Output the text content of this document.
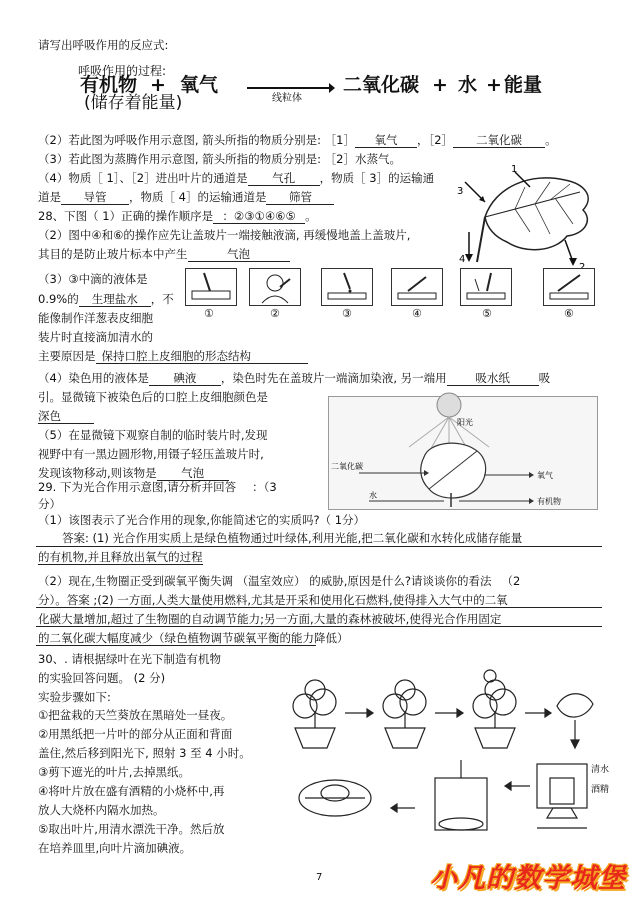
请写出呼吸作用的反应式:
呼吸作用的过程:
有机物 + 氧气
线粒体
二氧化碳 + 水 + 能量
(储存着能量)
（2）若此图为呼吸作用示意图, 箭头所指的物质分别是: ［1］ 氧气 ，［2］ 二氧化碳 。
（3）若此图为蒸腾作用示意图, 箭头所指的物质分别是: ［2］水蒸气。
（4）物质［ 1］、［2］进出叶片的通道是 气孔 ，物质［ 3］的运输通
道是 导管 ，物质［ 4］的运输通道是 筛管	3
1
4
28、下图（ 1）正确的操作顺序是 ：②③①④⑥⑤ 。
（2）图中④和⑥的操作应先让盖玻片一端接触液滴, 再缓慢地盖上盖玻片,
其目的是防止玻片标本中产生	气泡
（3）③中滴的液体是
0.9%的 生理盐水 ，不
能像制作洋葱表皮细胞
装片时直接滴加清水的
主要原因是 保持口腔上皮细胞的形态结构
①	②	③	④	⑤	⑥
（4）染色用的液体是 碘液 ，染色时先在盖玻片一端滴加染液, 另一端用	吸水纸	吸
引。显微镜下被染色后的口腔上皮细胞颜色是
深色
（5）在显微镜下观察自制的临时装片时,发现
视野中有一黑边圆形物,用镊子轻压盖玻片时,
发现该物移动,则该物是 气泡
阳光
二氧化碳
氧气
水
有机物
29. 下为光合作用示意图,请分析并回答 ：（3
分）
（1）该图表示了光合作用的现象,你能简述它的实质吗?（ 1分）
答案: (1) 光合作用实质上是绿色植物通过叶绿体,利用光能,把二氧化碳和水转化成储存能量
的有机物,并且释放出氧气的过程
（2）现在,生物圈正受到碳氧平衡失调 （温室效应） 的威胁,原因是什么?请谈谈你的看法 （2
分）。答案 ;(2) 一方面,人类大量使用燃料,尤其是开采和使用化石燃料,使得排入大气中的二氧
化碳大量增加,超过了生物圈的自动调节能力;另一方面,大量的森林被破坏,使得光合作用固定
的二氧化碳大幅度减少（绿色植物调节碳氧平衡的能力降低）
30、. 请根据绿叶在光下制造有机物
的实验回答问题。 (2 分)
实验步骤如下:
①把盆栽的天竺葵放在黑暗处一昼夜。
②用黑纸把一片叶的部分从正面和背面
盖住,然后移到阳光下, 照射 3 至 4 小时。
③剪下遮光的叶片,去掉黑纸。
④将叶片放在盛有酒精的小烧杯中,再
放人大烧杯内隔水加热。
⑤取出叶片,用清水漂洗干净。然后放
在培养皿里,向叶片滴加碘液。
清水
酒精
7	小凡的数学城堡
